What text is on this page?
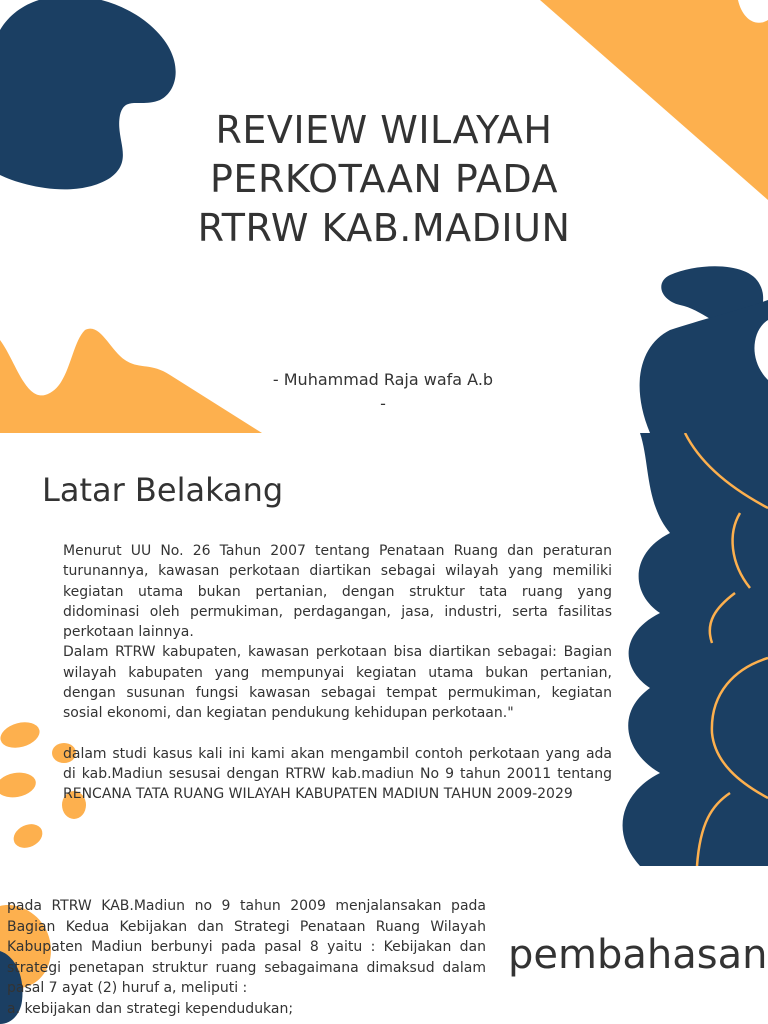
REVIEW WILAYAH
PERKOTAAN PADA
RTRW KAB.MADIUN
- Muhammad Raja wafa A.b
-
Latar Belakang

Menurut UU No. 26 Tahun 2007 tentang Penataan Ruang dan peraturan turunannya, kawasan perkotaan diartikan sebagai wilayah yang memiliki kegiatan utama bukan pertanian, dengan struktur tata ruang yang didominasi oleh permukiman, perdagangan, jasa, industri, serta fasilitas perkotaan lainnya.

Dalam RTRW kabupaten, kawasan perkotaan bisa diartikan sebagai: Bagian wilayah kabupaten yang mempunyai kegiatan utama bukan pertanian, dengan susunan fungsi kawasan sebagai tempat permukiman, kegiatan sosial ekonomi, dan kegiatan pendukung kehidupan perkotaan."

dalam studi kasus kali ini kami akan mengambil contoh perkotaan yang ada di kab.Madiun sesusai dengan RTRW kab.madiun No 9 tahun 20011 tentang RENCANA TATA RUANG WILAYAH KABUPATEN MADIUN TAHUN 2009-2029

pada RTRW KAB.Madiun no 9 tahun 2009 menjalansakan pada Bagian Kedua Kebijakan dan Strategi Penataan Ruang Wilayah Kabupaten Madiun berbunyi pada pasal 8 yaitu : Kebijakan dan strategi penetapan struktur ruang sebagaimana dimaksud dalam pasal 7 ayat (2) huruf a, meliputi :

a. kebijakan dan strategi kependudukan;

pembahasan
